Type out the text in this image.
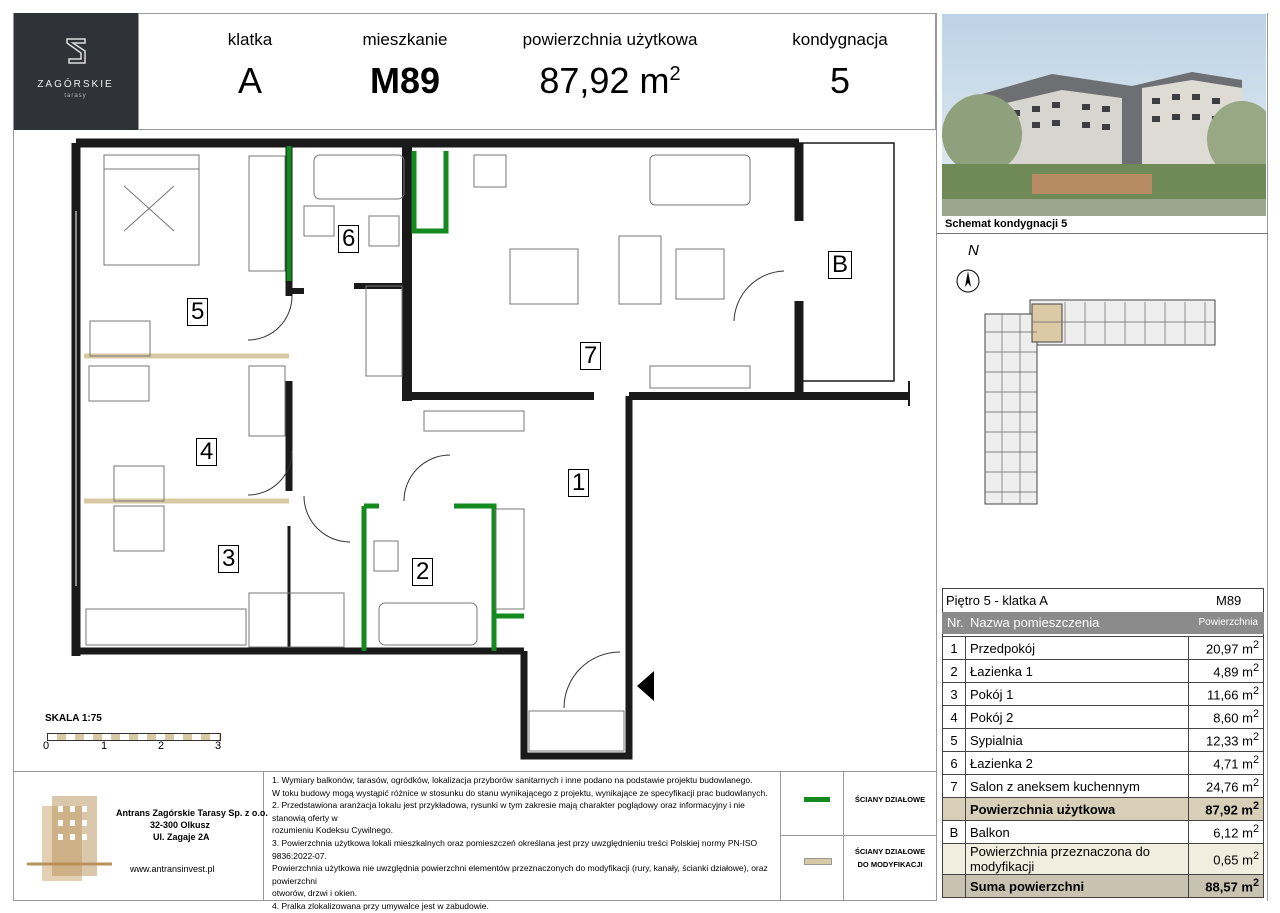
ZAGÓRSKIE
tarasy
klatka
A
mieszkanie
M89
powierzchnia użytkowa
87,92 $m^2$
kondygnacja
5
Schemat kondygnacji 5
N
Piętro 5 - klatka A	M89
Nr. Nazwa pomieszczenia	Powierzchnia
1	Przedpokój	20,97 $m^2$
2	Łazienka 1	4,89 $m^2$
3	Pokój 1	11,66 $m^2$
4	Pokój 2	8,60 $m^2$
5	Sypialnia	12,33 $m^2$
6	Łazienka 2	4,71 $m^2$
7	Salon z aneksem kuchennym	24,76 $m^2$
	Powierzchnia użytkowa	87,92 $m^2$
B	Balkon	6,12 $m^2$
	Powierzchnia przeznaczona do modyfikacji	0,65 $m^2$
	Suma powierzchni	88,57 $m^2$
5
6
7
4
1
3	2
B
SKALA 1:75
0	1	2	3
Antrans Zagórskie Tarasy Sp. z o.o.
32-300 Olkusz
Ul. Zagaje 2A
www.antransinvest.pl
1. Wymiary balkonów, tarasów, ogródków, lokalizacja przyborów sanitarnych i inne podano na podstawie projektu budowlanego.
W toku budowy mogą wystąpić różnice w stosunku do stanu wynikającego z projektu, wynikające ze specyfikacji prac budowlanych.
2. Przedstawiona aranżacja lokalu jest przykładowa, rysunki w tym zakresie mają charakter poglądowy oraz informacyjny i nie stanowią oferty w
rozumieniu Kodeksu Cywilnego.
3. Powierzchnia użytkowa lokali mieszkalnych oraz pomieszczeń określana jest przy uwzględnieniu treści Polskiej normy PN-ISO 9836:2022-07.
Powierzchnia użytkowa nie uwzględnia powierzchni elementów przeznaczonych do modyfikacji (rury, kanały, ścianki działowe), oraz powierzchni
otworów, drzwi i okien.
4. Pralka zlokalizowana przy umywalce jest w zabudowie.
ŚCIANY DZIAŁOWE
ŚCIANY DZIAŁOWE
DO MODYFIKACJI
